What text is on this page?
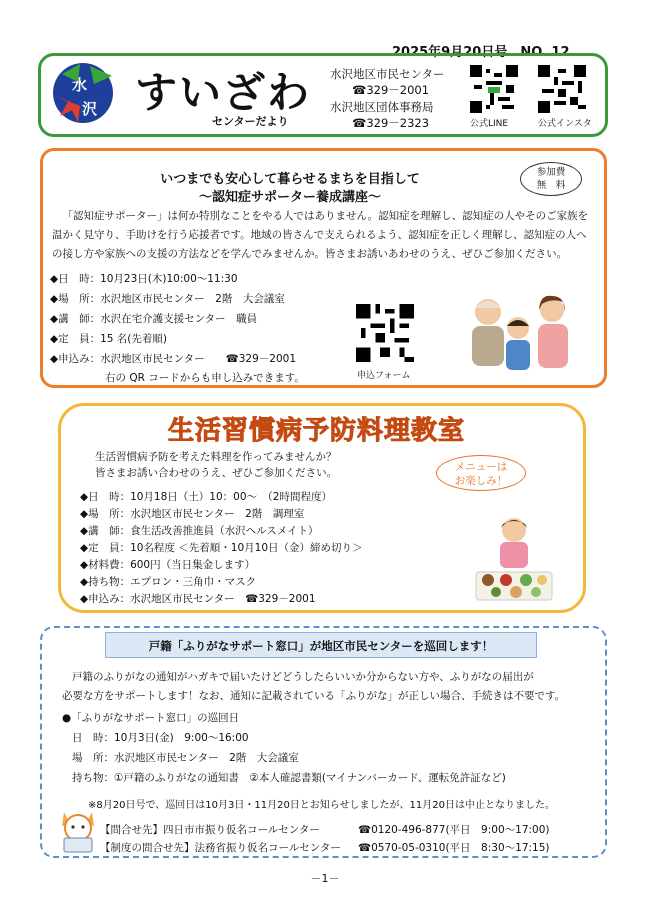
2025年9月20日号　NO. 12
水
沢 すいざわ
センターだより
水沢地区市民センター
☎329－2001
水沢地区団体事務局
☎329－2323	公式LINE	公式インスタ
いつまでも安心して暮らせるまちを目指して
～認知症サポーター養成講座～
参加費
無　料
「認知症サポーター」は何か特別なことをやる人ではありません。認知症を理解し、認知症の人やそのご家族を温かく見守り、手助けを行う応援者です。地域の皆さんで支えられるよう、認知症を正しく理解し、認知症の人への接し方や家族への支援の方法などを学んでみませんか。皆さまお誘いあわせのうえ、ぜひご参加ください。
◆日　時：10月23日(木)10:00～11:30
◆場　所：水沢地区市民センター　2階　大会議室
◆講　師：水沢在宅介護支援センター　職員
◆定　員：15 名(先着順)
◆申込み：水沢地区市民センター　　☎329－2001
右の QR コードからも申し込みできます。	申込フォーム
生活習慣病予防料理教室
生活習慣病予防を考えた料理を作ってみませんか？
皆さまお誘い合わせのうえ、ぜひご参加ください。	メニューは
お楽しみ！
◆日　時：10月18日（土）10：00～　（2時間程度）
◆場　所：水沢地区市民センター　2階　調理室
◆講　師：食生活改善推進員（水沢ヘルスメイト）
◆定　員：10名程度 ＜先着順・10月10日（金）締め切り＞
◆材料費：600円（当日集金します）
◆持ち物：エプロン・三角巾・マスク
◆申込み：水沢地区市民センター　☎329－2001
戸籍「ふりがなサポート窓口」が地区市民センターを巡回します！
戸籍のふりがなの通知がハガキで届いたけどどうしたらいいか分からない方や、ふりがなの届出が
必要な方をサポートします！なお、通知に記載されている「ふりがな」が正しい場合、手続きは不要です。
●「ふりがなサポート窓口」の巡回日
日　時：10月3日(金)　9:00～16:00
場　所：水沢地区市民センター　2階　大会議室
持ち物：①戸籍のふりがなの通知書　②本人確認書類(マイナンバーカード、運転免許証など)
※8月20日号で、巡回日は10月3日・11月20日とお知らせしましたが、11月20日は中止となりました。
【問合せ先】四日市市振り仮名コールセンター	☎0120-496-877(平日　9:00～17:00)
【制度の問合せ先】法務省振り仮名コールセンター ☎0570-05-0310(平日　8:30～17:15)
－1－
